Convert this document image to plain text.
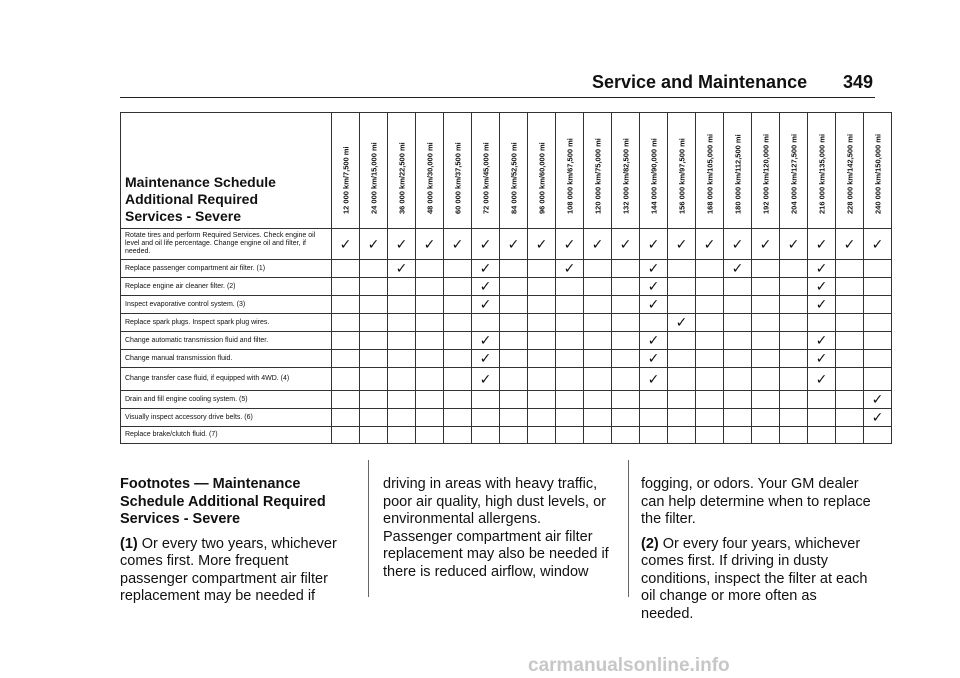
Service and Maintenance 349
Maintenance Schedule
Additional Required
Services - Severe	12 000 km/7,500 mi	24 000 km/15,000 mi	36 000 km/22,500 mi	48 000 km/30,000 mi	60 000 km/37,500 mi	72 000 km/45,000 mi	84 000 km/52,500 mi	96 000 km/60,000 mi	108 000 km/67,500 mi	120 000 km/75,000 mi	132 000 km/82,500 mi	144 000 km/90,000 mi	156 000 km/97,500 mi	168 000 km/105,000 mi	180 000 km/112,500 mi	192 000 km/120,000 mi	204 000 km/127,500 mi	216 000 km/135,000 mi	228 000 km/142,500 mi	240 000 km/150,000 mi

Rotate tires and perform Required Services. Check engine oil level and oil life percentage. Change engine oil and filter, if needed.	✓	✓	✓	✓	✓	✓	✓	✓	✓	✓	✓	✓	✓	✓	✓	✓	✓	✓	✓	✓
Replace passenger compartment air filter. (1)			✓			✓			✓			✓			✓			✓		
Replace engine air cleaner filter. (2)						✓						✓						✓		
Inspect evaporative control system. (3)						✓						✓						✓		
Replace spark plugs. Inspect spark plug wires.													✓							
Change automatic transmission fluid and filter.						✓						✓						✓		
Change manual transmission fluid.						✓						✓						✓		
Change transfer case fluid, if equipped with 4WD. (4)						✓						✓						✓		
Drain and fill engine cooling system. (5)																				✓
Visually inspect accessory drive belts. (6)																				✓
Replace brake/clutch fluid. (7)																				

Footnotes — Maintenance Schedule Additional Required Services - Severe

(1) Or every two years, whichever comes first. More frequent passenger compartment air filter replacement may be needed if

driving in areas with heavy traffic, poor air quality, high dust levels, or environmental allergens. Passenger compartment air filter replacement may also be needed if there is reduced airflow, window

fogging, or odors. Your GM dealer can help determine when to replace the filter.

(2) Or every four years, whichever comes first. If driving in dusty conditions, inspect the filter at each oil change or more often as needed.

carmanualsonline.info
